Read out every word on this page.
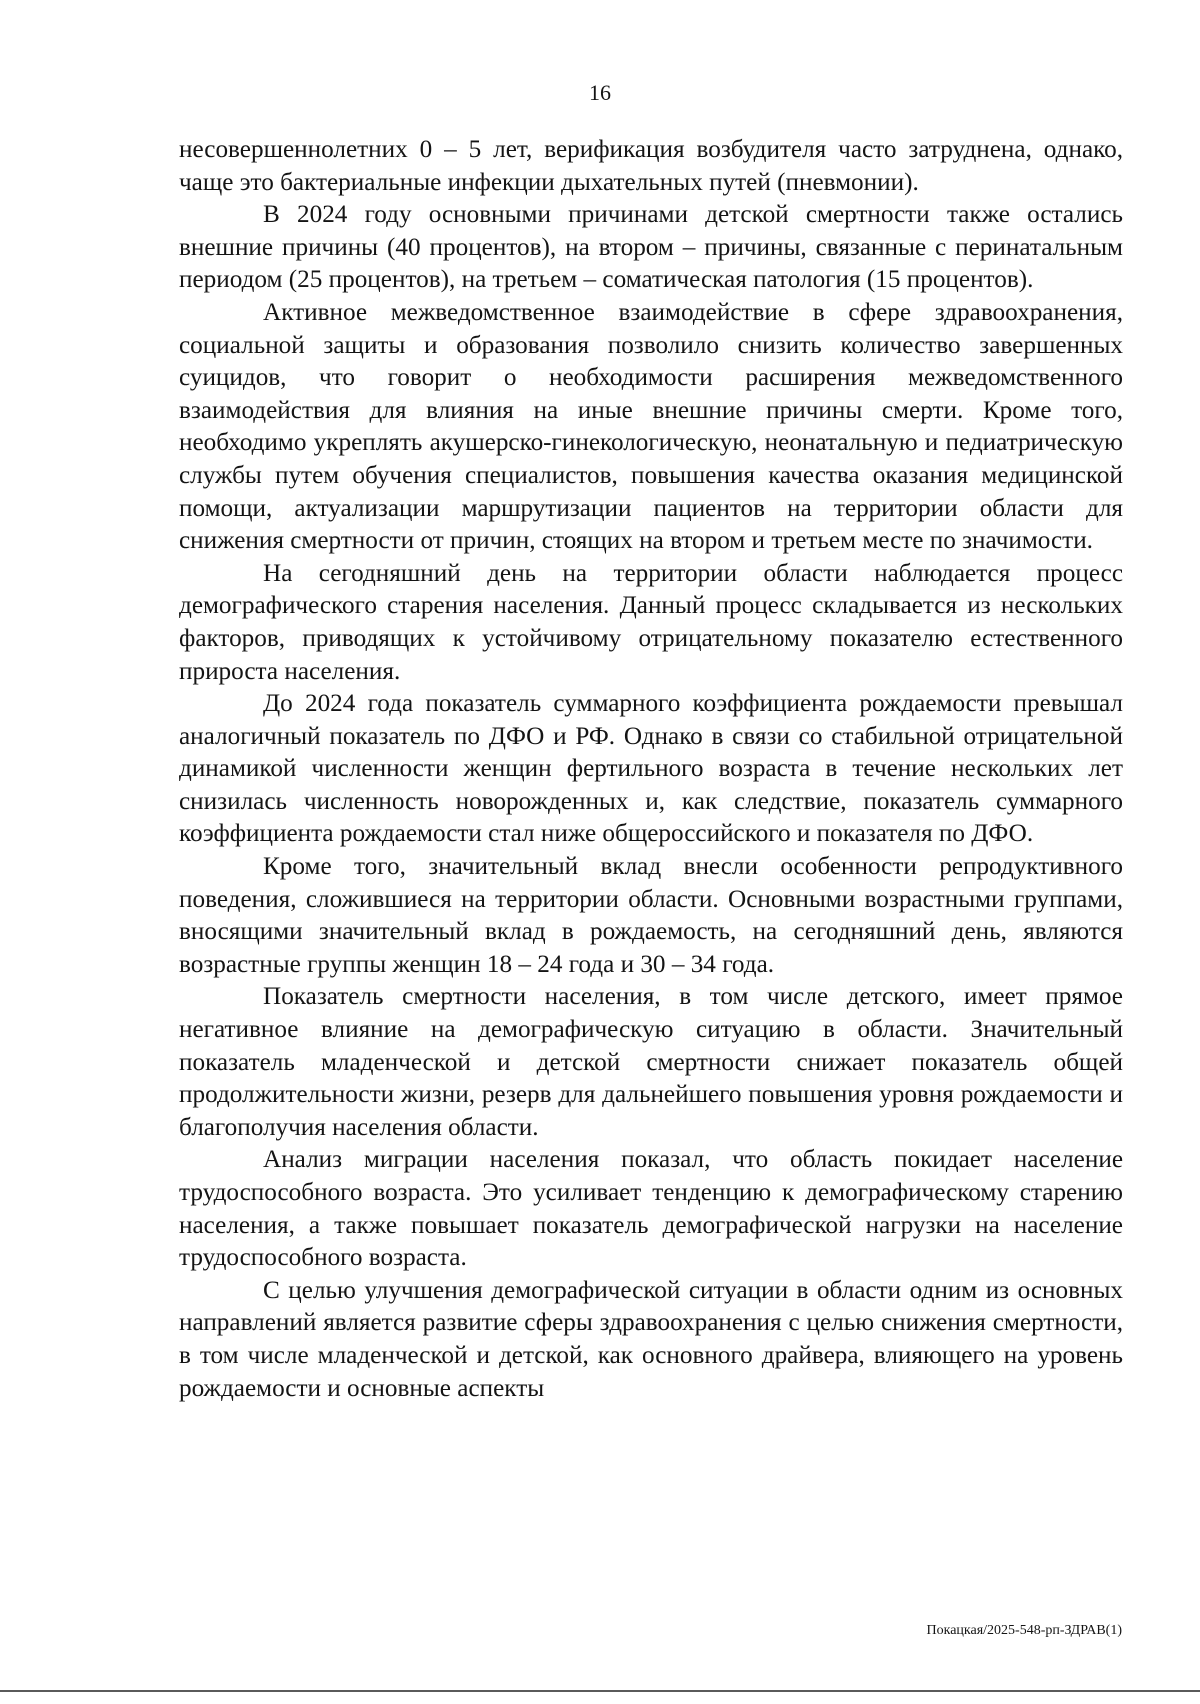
16

несовершеннолетних 0 – 5 лет, верификация возбудителя часто затруднена, однако, чаще это бактериальные инфекции дыхательных путей (пневмонии).

В 2024 году основными причинами детской смертности также остались внешние причины (40 процентов), на втором – причины, связанные с перинатальным периодом (25 процентов), на третьем – соматическая патология (15 процентов).

Активное межведомственное взаимодействие в сфере здравоохранения, социальной защиты и образования позволило снизить количество завершенных суицидов, что говорит о необходимости расширения межведомственного взаимодействия для влияния на иные внешние причины смерти. Кроме того, необходимо укреплять акушерско-гинекологическую, неонатальную и педиатрическую службы путем обучения специалистов, повышения качества оказания медицинской помощи, актуализации маршрутизации пациентов на территории области для снижения смертности от причин, стоящих на втором и третьем месте по значимости.

На сегодняшний день на территории области наблюдается процесс демографического старения населения. Данный процесс складывается из нескольких факторов, приводящих к устойчивому отрицательному показателю естественного прироста населения.

До 2024 года показатель суммарного коэффициента рождаемости превышал аналогичный показатель по ДФО и РФ. Однако в связи со стабильной отрицательной динамикой численности женщин фертильного возраста в течение нескольких лет снизилась численность новорожденных и, как следствие, показатель суммарного коэффициента рождаемости стал ниже общероссийского и показателя по ДФО.

Кроме того, значительный вклад внесли особенности репродуктивного поведения, сложившиеся на территории области. Основными возрастными группами, вносящими значительный вклад в рождаемость, на сегодняшний день, являются возрастные группы женщин 18 – 24 года и 30 – 34 года.

Показатель смертности населения, в том числе детского, имеет прямое негативное влияние на демографическую ситуацию в области. Значительный показатель младенческой и детской смертности снижает показатель общей продолжительности жизни, резерв для дальнейшего повышения уровня рождаемости и благополучия населения области.

Анализ миграции населения показал, что область покидает население трудоспособного возраста. Это усиливает тенденцию к демографическому старению населения, а также повышает показатель демографической нагрузки на население трудоспособного возраста.

С целью улучшения демографической ситуации в области одним из основных направлений является развитие сферы здравоохранения с целью снижения смертности, в том числе младенческой и детской, как основного драйвера, влияющего на уровень рождаемости и основные аспекты

Покацкая/2025-548-рп-ЗДРАВ(1)
